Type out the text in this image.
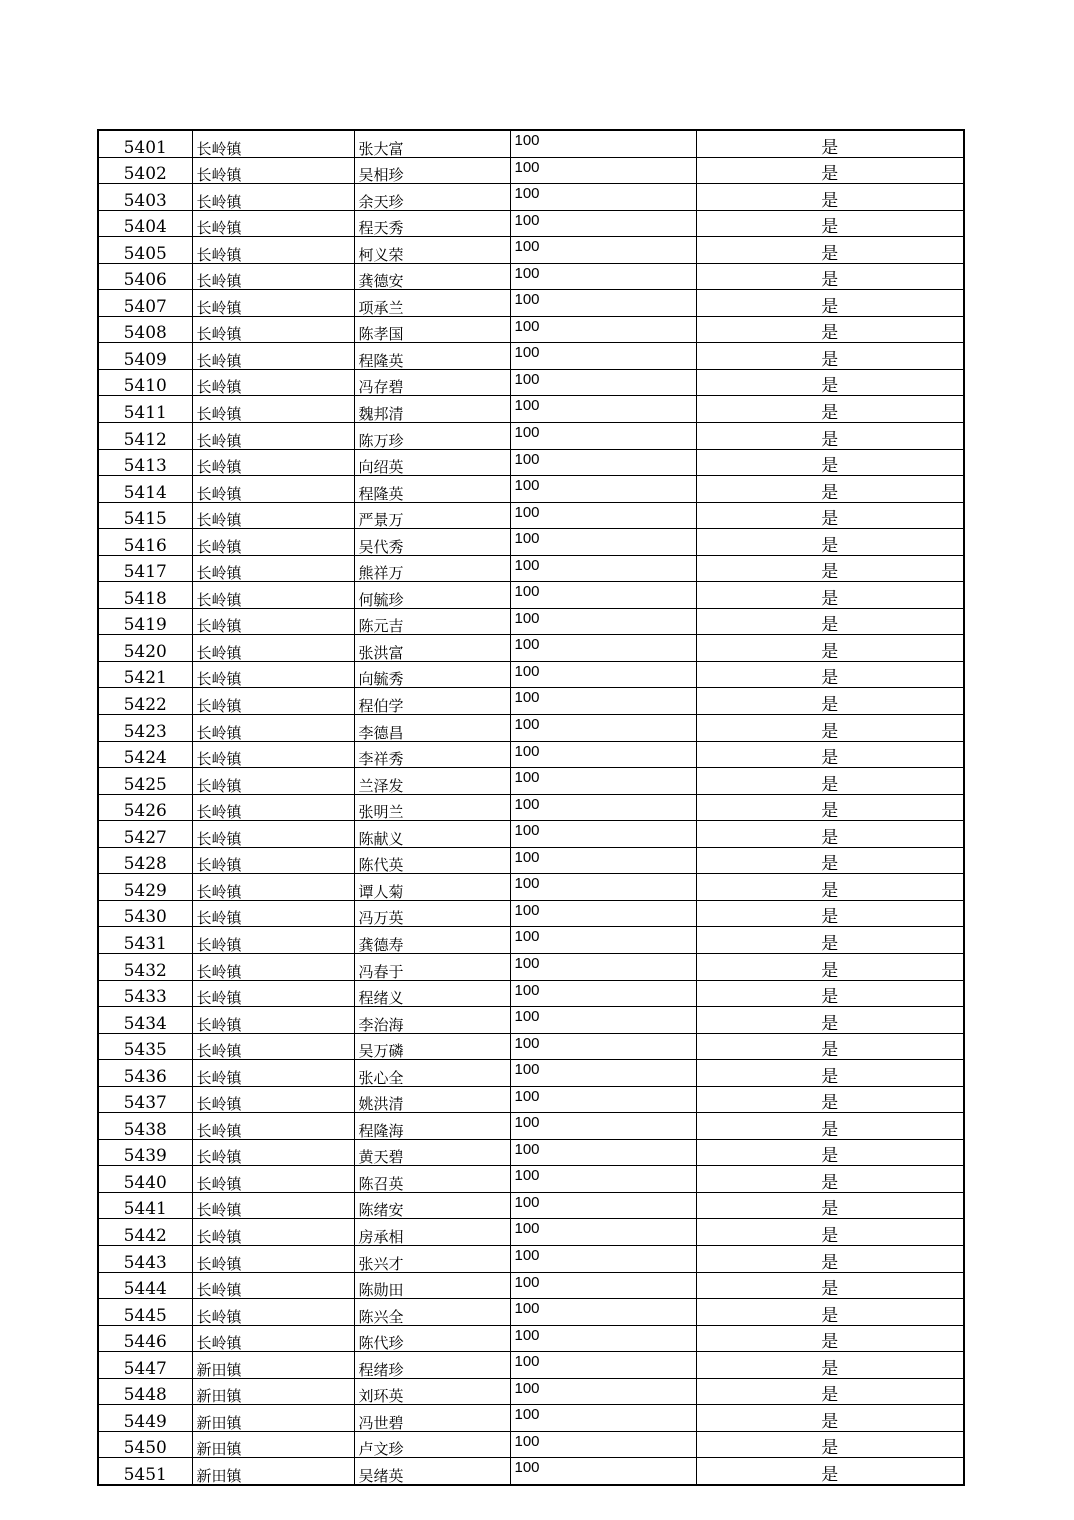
5401	长岭镇	张大富	100	是
5402	长岭镇	吴相珍	100	是
5403	长岭镇	余天珍	100	是
5404	长岭镇	程天秀	100	是
5405	长岭镇	柯义荣	100	是
5406	长岭镇	龚德安	100	是
5407	长岭镇	项承兰	100	是
5408	长岭镇	陈孝国	100	是
5409	长岭镇	程隆英	100	是
5410	长岭镇	冯存碧	100	是
5411	长岭镇	魏邦清	100	是
5412	长岭镇	陈万珍	100	是
5413	长岭镇	向绍英	100	是
5414	长岭镇	程隆英	100	是
5415	长岭镇	严景万	100	是
5416	长岭镇	吴代秀	100	是
5417	长岭镇	熊祥万	100	是
5418	长岭镇	何毓珍	100	是
5419	长岭镇	陈元吉	100	是
5420	长岭镇	张洪富	100	是
5421	长岭镇	向毓秀	100	是
5422	长岭镇	程伯学	100	是
5423	长岭镇	李德昌	100	是
5424	长岭镇	李祥秀	100	是
5425	长岭镇	兰泽发	100	是
5426	长岭镇	张明兰	100	是
5427	长岭镇	陈献义	100	是
5428	长岭镇	陈代英	100	是
5429	长岭镇	谭人菊	100	是
5430	长岭镇	冯万英	100	是
5431	长岭镇	龚德寿	100	是
5432	长岭镇	冯春于	100	是
5433	长岭镇	程绪义	100	是
5434	长岭镇	李治海	100	是
5435	长岭镇	吴万磷	100	是
5436	长岭镇	张心全	100	是
5437	长岭镇	姚洪清	100	是
5438	长岭镇	程隆海	100	是
5439	长岭镇	黄天碧	100	是
5440	长岭镇	陈召英	100	是
5441	长岭镇	陈绪安	100	是
5442	长岭镇	房承相	100	是
5443	长岭镇	张兴才	100	是
5444	长岭镇	陈勋田	100	是
5445	长岭镇	陈兴全	100	是
5446	长岭镇	陈代珍	100	是
5447	新田镇	程绪珍	100	是
5448	新田镇	刘环英	100	是
5449	新田镇	冯世碧	100	是
5450	新田镇	卢文珍	100	是
5451	新田镇	吴绪英	100	是
